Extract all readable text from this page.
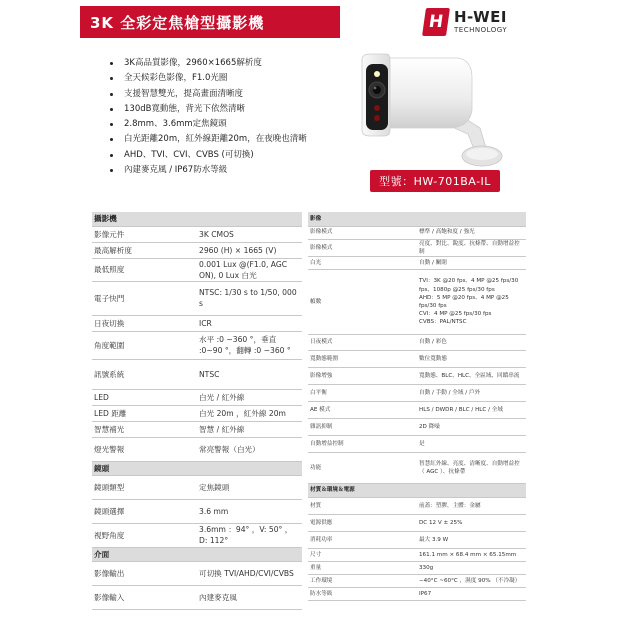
3K 全彩定焦槍型攝影機	H H-WEI
TECHNOLOGY
3K高品質影像，2960×1665解析度
全天候彩色影像，F1.0光圈
支援智慧雙光，提高畫面清晰度
130dB寬動態，背光下依然清晰
2.8mm、3.6mm定焦鏡頭
白光距離20m，紅外線距離20m，在夜晚也清晰
AHD、TVI、CVI、CVBS (可切換)
內建麥克風 / IP67防水等級
型號：HW-701BA-IL
攝影機	
影像元件	3K CMOS
最高解析度	2960 (H) × 1665 (V)
最低照度	0.001 Lux @(F1.0, AGC ON), 0 Lux 白光
電子快門	NTSC: 1/30 s to 1/50, 000 s
日夜切換	ICR
角度範圍	水平 :0 ~360 °，垂直 :0~90 °，翻轉 :0 ~360 °
訊號系統	NTSC
LED	白光 / 紅外線
LED 距離	白光 20m ，紅外線 20m
智慧補光	智慧 / 紅外線
燈光警報	常亮警報（白光）
鏡頭	
鏡頭類型	定焦鏡頭
鏡頭選擇	3.6 mm
視野角度	3.6mm ：94° ，V: 50° ， D: 112°
介面	
影像輸出	可切換 TVI/AHD/CVI/CVBS
影像輸入	內建麥克風
影像	
影像模式	標準 / 高飽和度 / 強光

影像模式	亮度、對比、銳度、抗條帶、自動增益控制

白光	自動 / 關閉

幀數	TVI：3K @20 fps、4 MP @25 fps/30 fps、1080p @25 fps/30 fps
AHD：5 MP @20 fps、4 MP @25 fps/30 fps
CVI：4 MP @25 fps/30 fps
CVBS：PAL/NTSC

日夜模式	自動 / 彩色

寬動態範圍	數位寬動態

影像增強	寬動態、BLC、HLC、全區域、回饋串流

白平衡	自動 / 手動 / 全域 / 戶外

AE 模式	HLS / DWDR / BLC / HLC / 全域

雜訊抑制	2D 降噪

自動增益控制	是

功能	智慧紅外線、亮度、清晰度、自動增益控
（ AGC ）、抗條帶

材質＆環境＆電源	
材質	前蓋：塑膠，主體：金屬

電源供應	DC 12 V ± 25%

消耗功率	最大 3.9 W

尺寸	161.1 mm × 68.4 mm × 65.15mm

重量	330g

工作環境	−40°C ~60°C ，濕度 90% （不冷凝）

防水等級	IP67
